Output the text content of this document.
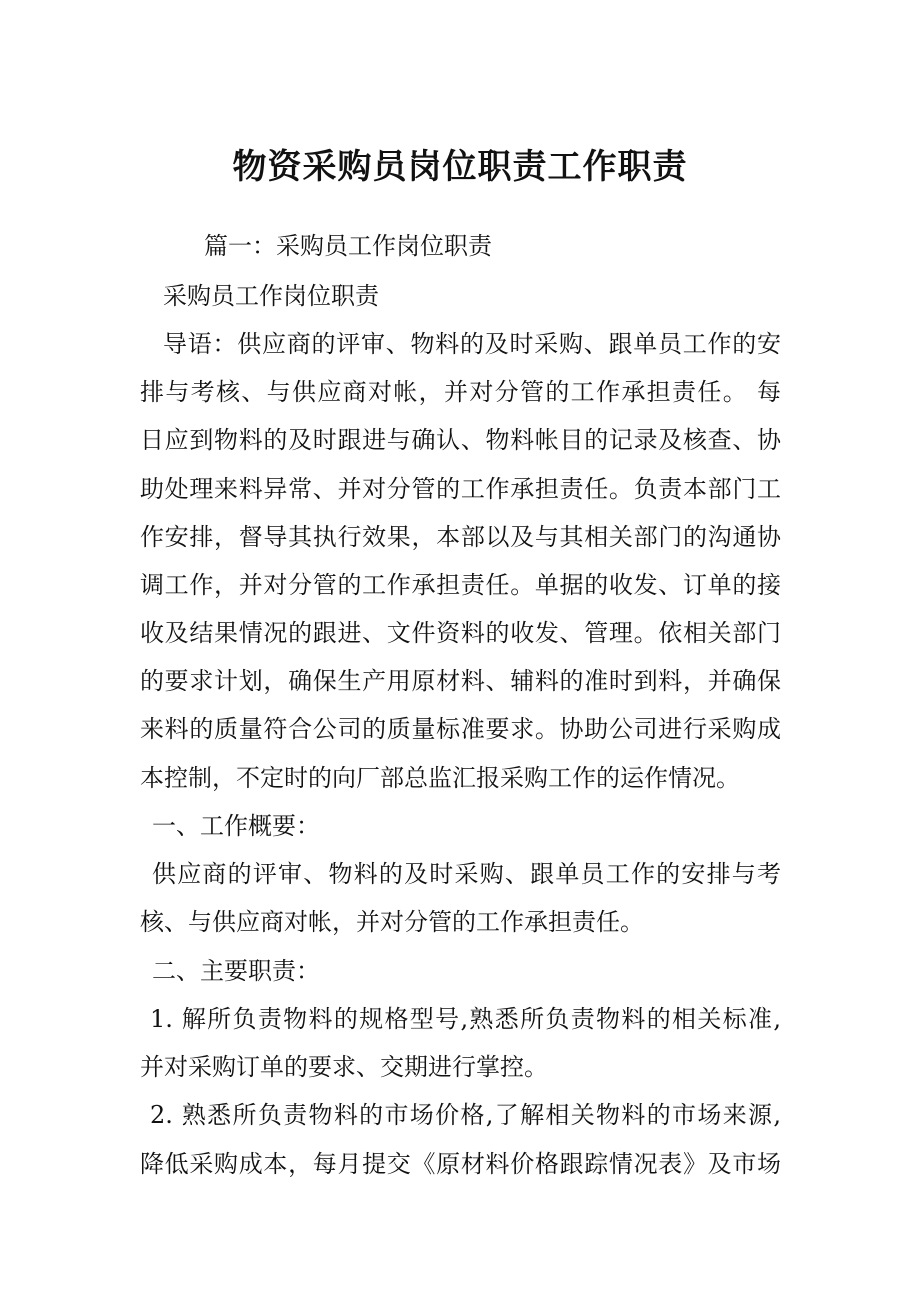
物资采购员岗位职责工作职责

篇一：采购员工作岗位职责

采购员工作岗位职责

导语：供应商的评审、物料的及时采购、跟单员工作的安

排与考核、与供应商对帐，并对分管的工作承担责任。 每

日应到物料的及时跟进与确认、物料帐目的记录及核查、协

助处理来料异常、并对分管的工作承担责任。负责本部门工

作安排，督导其执行效果，本部以及与其相关部门的沟通协

调工作，并对分管的工作承担责任。单据的收发、订单的接

收及结果情况的跟进、文件资料的收发、管理。依相关部门

的要求计划，确保生产用原材料、辅料的准时到料，并确保

来料的质量符合公司的质量标准要求。协助公司进行采购成

本控制，不定时的向厂部总监汇报采购工作的运作情况。

一、工作概要：

供应商的评审、物料的及时采购、跟单员工作的安排与考

核、与供应商对帐，并对分管的工作承担责任。

二、主要职责：

1. 解所负责物料的规格型号,熟悉所负责物料的相关标准,

并对采购订单的要求、交期进行掌控。

2. 熟悉所负责物料的市场价格,了解相关物料的市场来源,

降低采购成本，每月提交《原材料价格跟踪情况表》及市场
